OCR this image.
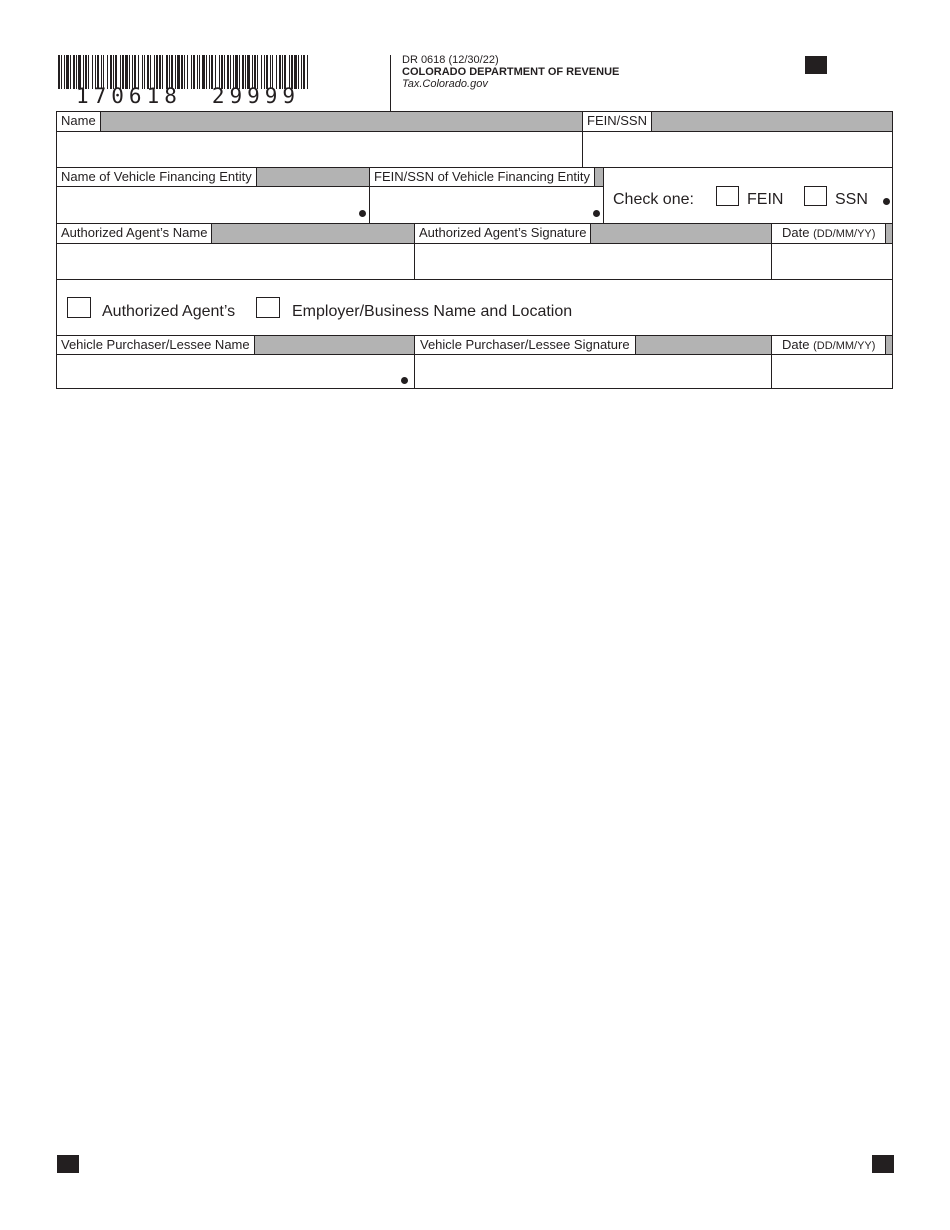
170618 29999
DR 0618 (12/30/22)
COLORADO DEPARTMENT OF REVENUE
Tax.Colorado.gov
Name	FEIN/SSN
Name of Vehicle Financing Entity	FEIN/SSN of Vehicle Financing Entity
Check one:	FEIN	SSN
Authorized Agent’s Name	Authorized Agent’s Signature	Date (DD/MM/YY)
Authorized Agent’s	Employer/Business Name and Location
Vehicle Purchaser/Lessee Name	Vehicle Purchaser/Lessee Signature	Date (DD/MM/YY)
